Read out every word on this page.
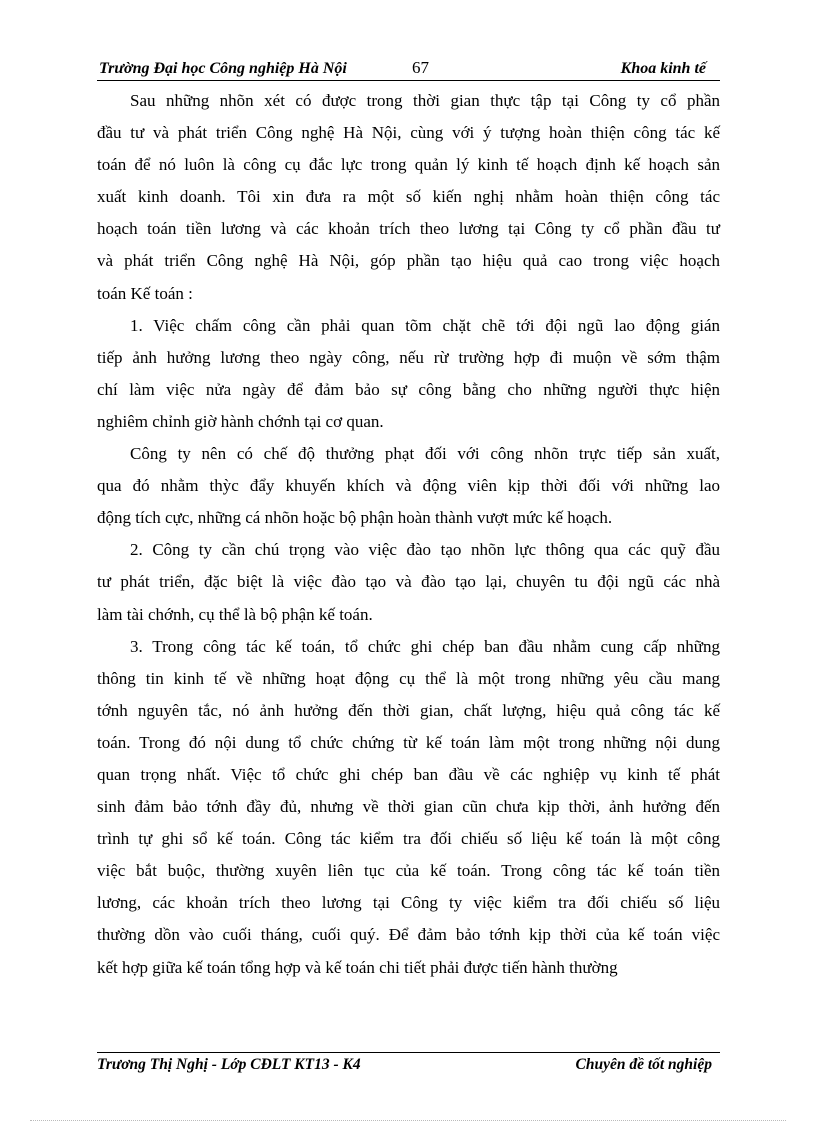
Trường Đại học Công nghiệp Hà Nội	67	Khoa kinh tế
Sau những nhõn xét có được trong thời gian thực tập tại Công ty cổ phần
đầu tư và phát triển Công nghệ Hà Nội, cùng với ý tượng hoàn thiện công tác kế
toán để nó luôn là công cụ đắc lực trong quản lý kinh tế hoạch định kế hoạch sản
xuất kinh doanh. Tôi xin đưa ra một số kiến nghị nhằm hoàn thiện công tác
hoạch toán tiền lương và các khoản trích theo lương tại Công ty cổ phần đầu tư
và phát triển Công nghệ Hà Nội, góp phần tạo hiệu quả cao trong việc hoạch
toán Kế toán :
1. Việc chấm công cần phải quan tõm chặt chẽ tới đội ngũ lao động gián
tiếp ảnh hưởng lương theo ngày công, nếu rừ trường hợp đi muộn về sớm thậm
chí làm việc nửa ngày để đảm bảo sự công bằng cho những người thực hiện
nghiêm chỉnh giờ hành chớnh tại cơ quan.
Công ty nên có chế độ thưởng phạt đối với công nhõn trực tiếp sản xuất,
qua đó nhằm thỳc đẩy khuyến khích và động viên kịp thời đối với những lao
động tích cực, những cá nhõn hoặc bộ phận hoàn thành vượt mức kế hoạch.
2. Công ty cần chú trọng vào việc đào tạo nhõn lực thông qua các quỹ đầu
tư phát triển, đặc biệt là việc đào tạo và đào tạo lại, chuyên tu đội ngũ các nhà
làm tài chớnh, cụ thể là bộ phận kế toán.
3. Trong công tác kế toán, tổ chức ghi chép ban đầu nhằm cung cấp những
thông tin kinh tế về những hoạt động cụ thể là một trong những yêu cầu mang
tớnh nguyên tắc, nó ảnh hưởng đến thời gian, chất lượng, hiệu quả công tác kế
toán. Trong đó nội dung tổ chức chứng từ kế toán làm một trong những nội dung
quan trọng nhất. Việc tổ chức ghi chép ban đầu về các nghiệp vụ kinh tế phát
sinh đảm bảo tớnh đầy đủ, nhưng về thời gian cũn chưa kịp thời, ảnh hưởng đến
trình tự ghi sổ kế toán. Công tác kiểm tra đối chiếu số liệu kế toán là một công
việc bắt buộc, thường xuyên liên tục của kế toán. Trong công tác kế toán tiền
lương, các khoản trích theo lương tại Công ty việc kiểm tra đối chiếu số liệu
thường dồn vào cuối tháng, cuối quý. Để đảm bảo tớnh kịp thời của kế toán việc
kết hợp giữa kế toán tổng hợp và kế toán chi tiết phải được tiến hành thường
Trương Thị Nghị - Lớp CĐLT KT13 - K4	Chuyên đề tốt nghiệp
